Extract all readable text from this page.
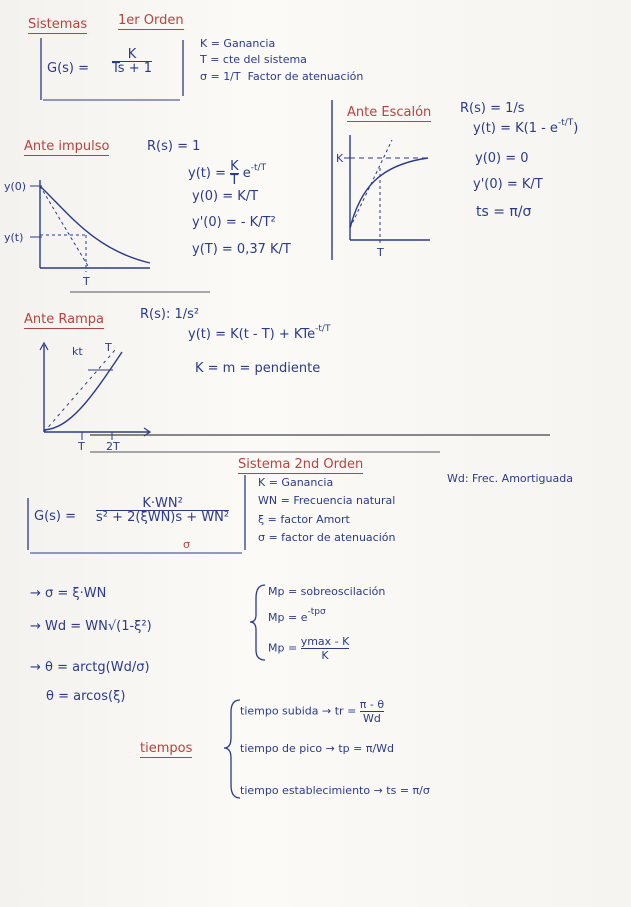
Sistemas 1er Orden
$G(s) = \frac{K}{Ts + 1}$
K = Ganancia
T = cte del sistema
σ = 1/T Factor de atenuación
Ante impulso	R(s) = 1
$y(t) = \frac{K}{T} e^{-t/T}$
y(0) = K/T
y'(0) = - K/T²
y(T) = 0,37 K/T
y(0)
y(t)
T
Ante Escalón R(s) = 1/s
$y(t) = K(1 - e^{-t/T})$
y(0) = 0
y'(0) = K/T
ts = π/σ
K
T
Ante Rampa	R(s): 1/s²
y(t) = K(t - T) + KTe$^{-t/T}$
K = m = pendiente
kt T
T 2T
Sistema 2nd Orden
$G(s) = \frac{\text{K·WN²}}{\text{s² + 2(ξWN)s + WN²}}$
σ
K = Ganancia
WN = Frecuencia natural
ξ = factor Amort
σ = factor de atenuación
Wd: Frec. Amortiguada
→ σ = ξ·WN
→ Wd = WN√(1-ξ²)
→ θ = arctg(Wd/σ)
θ = arcos(ξ)
Mp = sobreoscilación
$Mp = e^{-tp\sigma}$
$Mp = \frac{ymax - K}{K}$
tiempos
tiempo subida → tr = $\frac{\pi - \theta}{Wd}$
tiempo de pico → tp = π/Wd
tiempo establecimiento → ts = π/σ
